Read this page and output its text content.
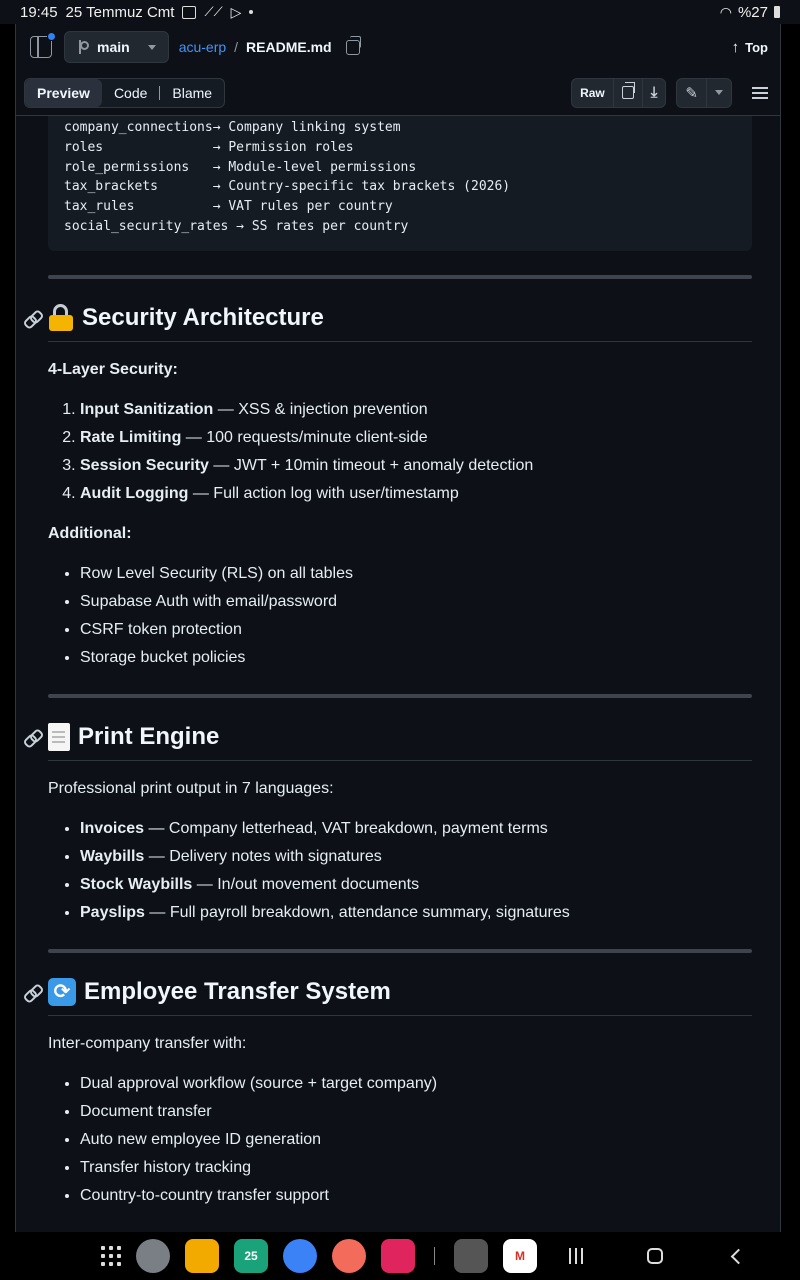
19:45 25 Temmuz Cmt ⟋⟋ ▷	◠ %27
main	acu-erp / README.md	↑ Top
Preview	Code	Blame	Raw	⤓ ✎
company_connections→ Company linking system
roles              → Permission roles
role_permissions   → Module-level permissions
tax_brackets       → Country-specific tax brackets (2026)
tax_rules          → VAT rules per country
social_security_rates → SS rates per country
Security Architecture

4-Layer Security:

1. Input Sanitization — XSS & injection prevention
2. Rate Limiting — 100 requests/minute client-side
3. Session Security — JWT + 10min timeout + anomaly detection
4. Audit Logging — Full action log with user/timestamp

Additional:

• Row Level Security (RLS) on all tables
• Supabase Auth with email/password
• CSRF token protection
• Storage bucket policies
Print Engine

Professional print output in 7 languages:

• Invoices — Company letterhead, VAT breakdown, payment terms
• Waybills — Delivery notes with signatures
• Stock Waybills — In/out movement documents
• Payslips — Full payroll breakdown, attendance summary, signatures
⟳ Employee Transfer System

Inter-company transfer with:

• Dual approval workflow (source + target company)
• Document transfer
• Auto new employee ID generation
• Transfer history tracking
• Country-to-country transfer support
25	M
